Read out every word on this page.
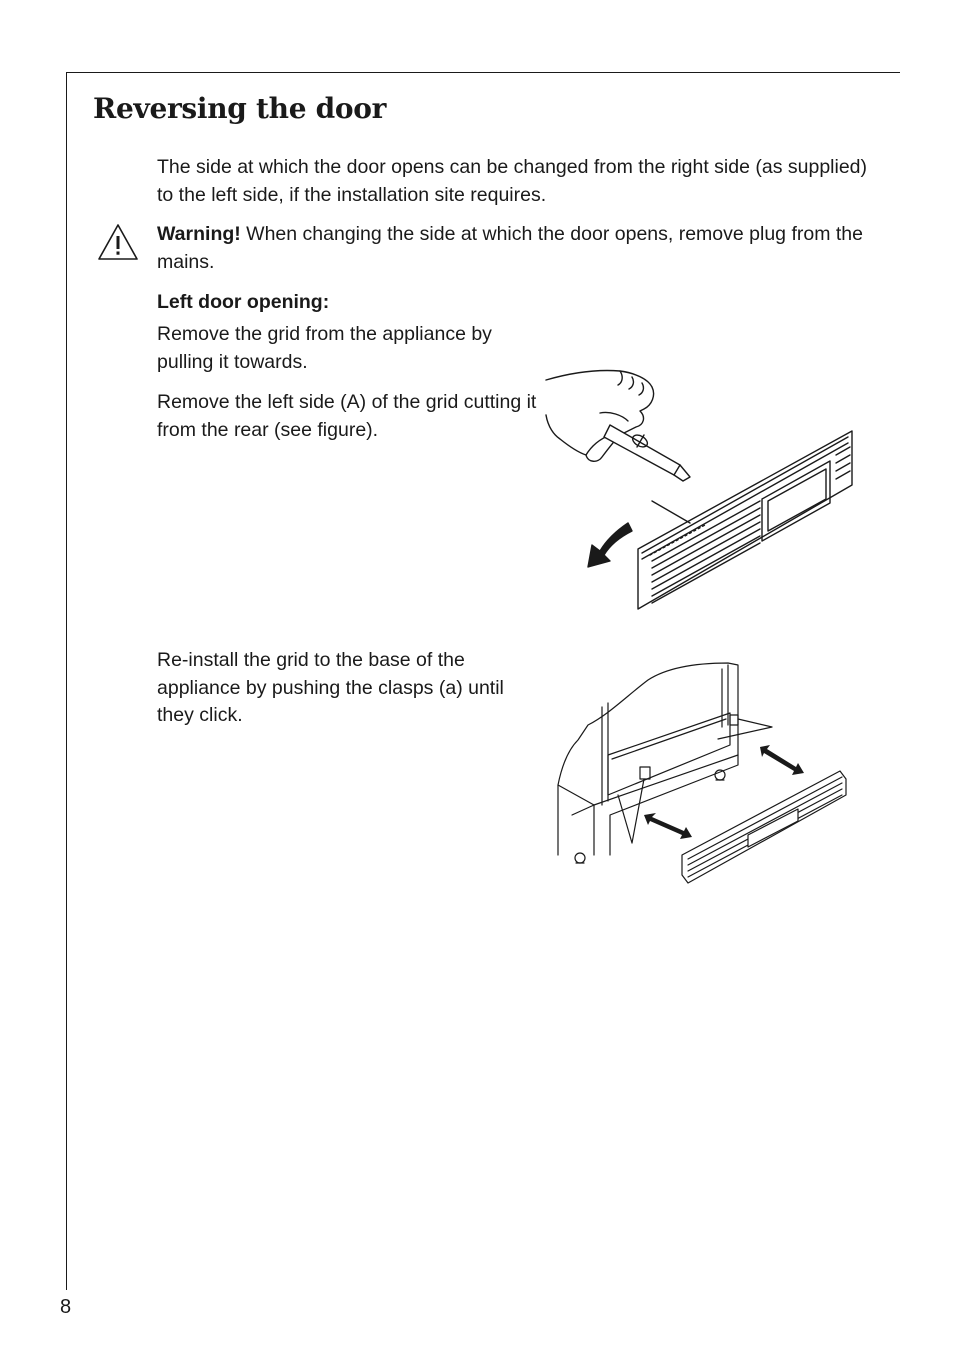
Reversing the door

The side at which the door opens can be changed from the right side (as supplied) to the left side, if the installation site requires.

Warning! When changing the side at which the door opens, remove plug from the mains.

Left door opening:

Remove the grid from the appliance by pulling it towards.

Remove the left side (A) of the grid cutting it from the rear (see figure).

Re-install the grid to the base of the appliance by pushing the clasps (a) until they click.

8
